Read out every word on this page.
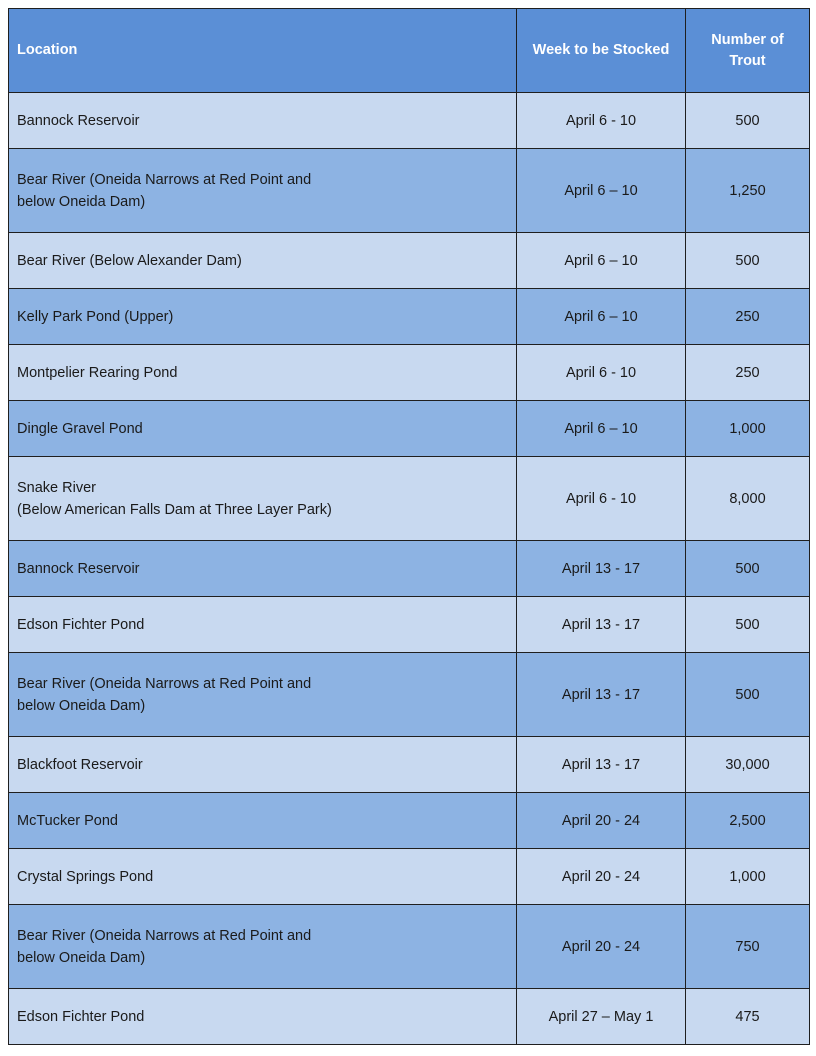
Location	Week to be Stocked	Number of
Trout

Bannock Reservoir	April 6 - 10	500

Bear River (Oneida Narrows at Red Point and
below Oneida Dam)	April 6 – 10	1,250

Bear River (Below Alexander Dam)	April 6 – 10	500

Kelly Park Pond (Upper)	April 6 – 10	250

Montpelier Rearing Pond	April 6 - 10	250

Dingle Gravel Pond	April 6 – 10	1,000

Snake River
(Below American Falls Dam at Three Layer Park)	April 6 - 10	8,000

Bannock Reservoir	April 13 - 17	500

Edson Fichter Pond	April 13 - 17	500

Bear River (Oneida Narrows at Red Point and
below Oneida Dam)	April 13 - 17	500

Blackfoot Reservoir	April 13 - 17	30,000

McTucker Pond	April 20 - 24	2,500

Crystal Springs Pond	April 20 - 24	1,000

Bear River (Oneida Narrows at Red Point and
below Oneida Dam)	April 20 - 24	750

Edson Fichter Pond	April 27 – May 1	475
